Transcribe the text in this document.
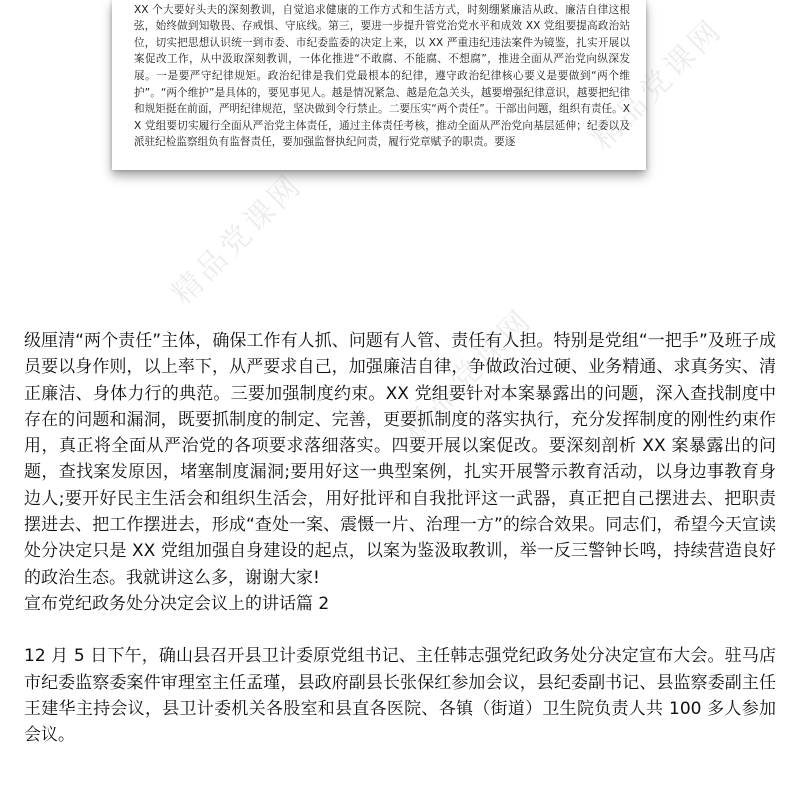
XX 个大要好头夫的深刻教训，自觉追求健康的工作方式和生活方式，时刻绷紧廉洁从政、廉洁自律这根弦，始终做到知敬畏、存戒惧、守底线。第三，要进一步提升管党治党水平和成效 XX 党组要提高政治站位，切实把思想认识统一到市委、市纪委监委的决定上来，以 XX 严重违纪违法案件为镜鉴，扎实开展以案促改工作，从中汲取深刻教训，一体化推进“不敢腐、不能腐、不想腐”，推进全面从严治党向纵深发展。一是要严守纪律规矩。政治纪律是我们党最根本的纪律，遵守政治纪律核心要义是要做到“两个维护”。“两个维护”是具体的，要见事见人。越是情况紧急、越是危急关头，越要增强纪律意识，越要把纪律和规矩挺在前面，严明纪律规范，坚决做到令行禁止。二要压实“两个责任”。干部出问题，组织有责任。XX 党组要切实履行全面从严治党主体责任，通过主体责任考核，推动全面从严治党向基层延伸；纪委以及派驻纪检监察组负有监督责任，要加强监督执纪问责，履行党章赋予的职责。要逐

精品党课网
精品党课网
精品党课网

级厘清“两个责任”主体，确保工作有人抓、问题有人管、责任有人担。特别是党组“一把手”及班子成员要以身作则，以上率下，从严要求自己，加强廉洁自律，争做政治过硬、业务精通、求真务实、清正廉洁、身体力行的典范。三要加强制度约束。XX 党组要针对本案暴露出的问题，深入查找制度中存在的问题和漏洞，既要抓制度的制定、完善，更要抓制度的落实执行，充分发挥制度的刚性约束作用，真正将全面从严治党的各项要求落细落实。四要开展以案促改。要深刻剖析 XX 案暴露出的问题，查找案发原因，堵塞制度漏洞;要用好这一典型案例，扎实开展警示教育活动，以身边事教育身边人;要开好民主生活会和组织生活会，用好批评和自我批评这一武器，真正把自己摆进去、把职责摆进去、把工作摆进去，形成“查处一案、震慑一片、治理一方”的综合效果。同志们，希望今天宣读处分决定只是 XX 党组加强自身建设的起点，以案为鉴汲取教训，举一反三警钟长鸣，持续营造良好的政治生态。我就讲这么多，谢谢大家!

宣布党纪政务处分决定会议上的讲话篇 2

12 月 5 日下午，确山县召开县卫计委原党组书记、主任韩志强党纪政务处分决定宣布大会。驻马店市纪委监察委案件审理室主任孟瑾，县政府副县长张保红参加会议，县纪委副书记、县监察委副主任王建华主持会议，县卫计委机关各股室和县直各医院、各镇（街道）卫生院负责人共 100 多人参加会议。
